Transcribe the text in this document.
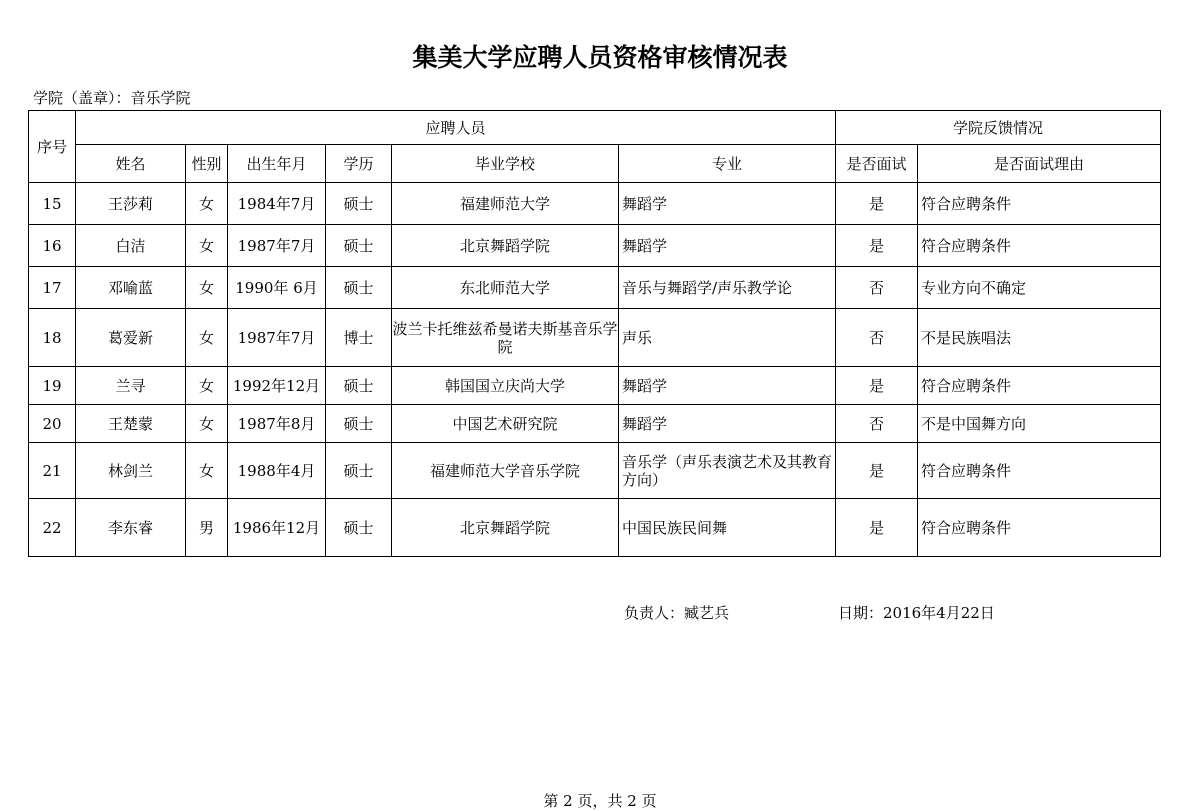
集美大学应聘人员资格审核情况表
学院（盖章）：音乐学院
序号	应聘人员						学院反馈情况	
	姓名	性别	出生年月	学历	毕业学校	专业	是否面试	是否面试理由
15	王莎莉	女	1984年7月	硕士	福建师范大学	舞蹈学	是	符合应聘条件
16	白洁	女	1987年7月	硕士	北京舞蹈学院	舞蹈学	是	符合应聘条件
17	邓喻蓝	女	1990年 6月	硕士	东北师范大学	音乐与舞蹈学/声乐教学论	否	专业方向不确定
18	葛爱新	女	1987年7月	博士	波兰卡托维兹希曼诺夫斯基音乐学院	声乐	否	不是民族唱法
19	兰寻	女	1992年12月	硕士	韩国国立庆尚大学	舞蹈学	是	符合应聘条件
20	王楚蒙	女	1987年8月	硕士	中国艺术研究院	舞蹈学	否	不是中国舞方向
21	林剑兰	女	1988年4月	硕士	福建师范大学音乐学院	音乐学（声乐表演艺术及其教育方向）	是	符合应聘条件
22	李东睿	男	1986年12月	硕士	北京舞蹈学院	中国民族民间舞	是	符合应聘条件
负责人：臧艺兵	日期：2016年4月22日
第 2 页，共 2 页
